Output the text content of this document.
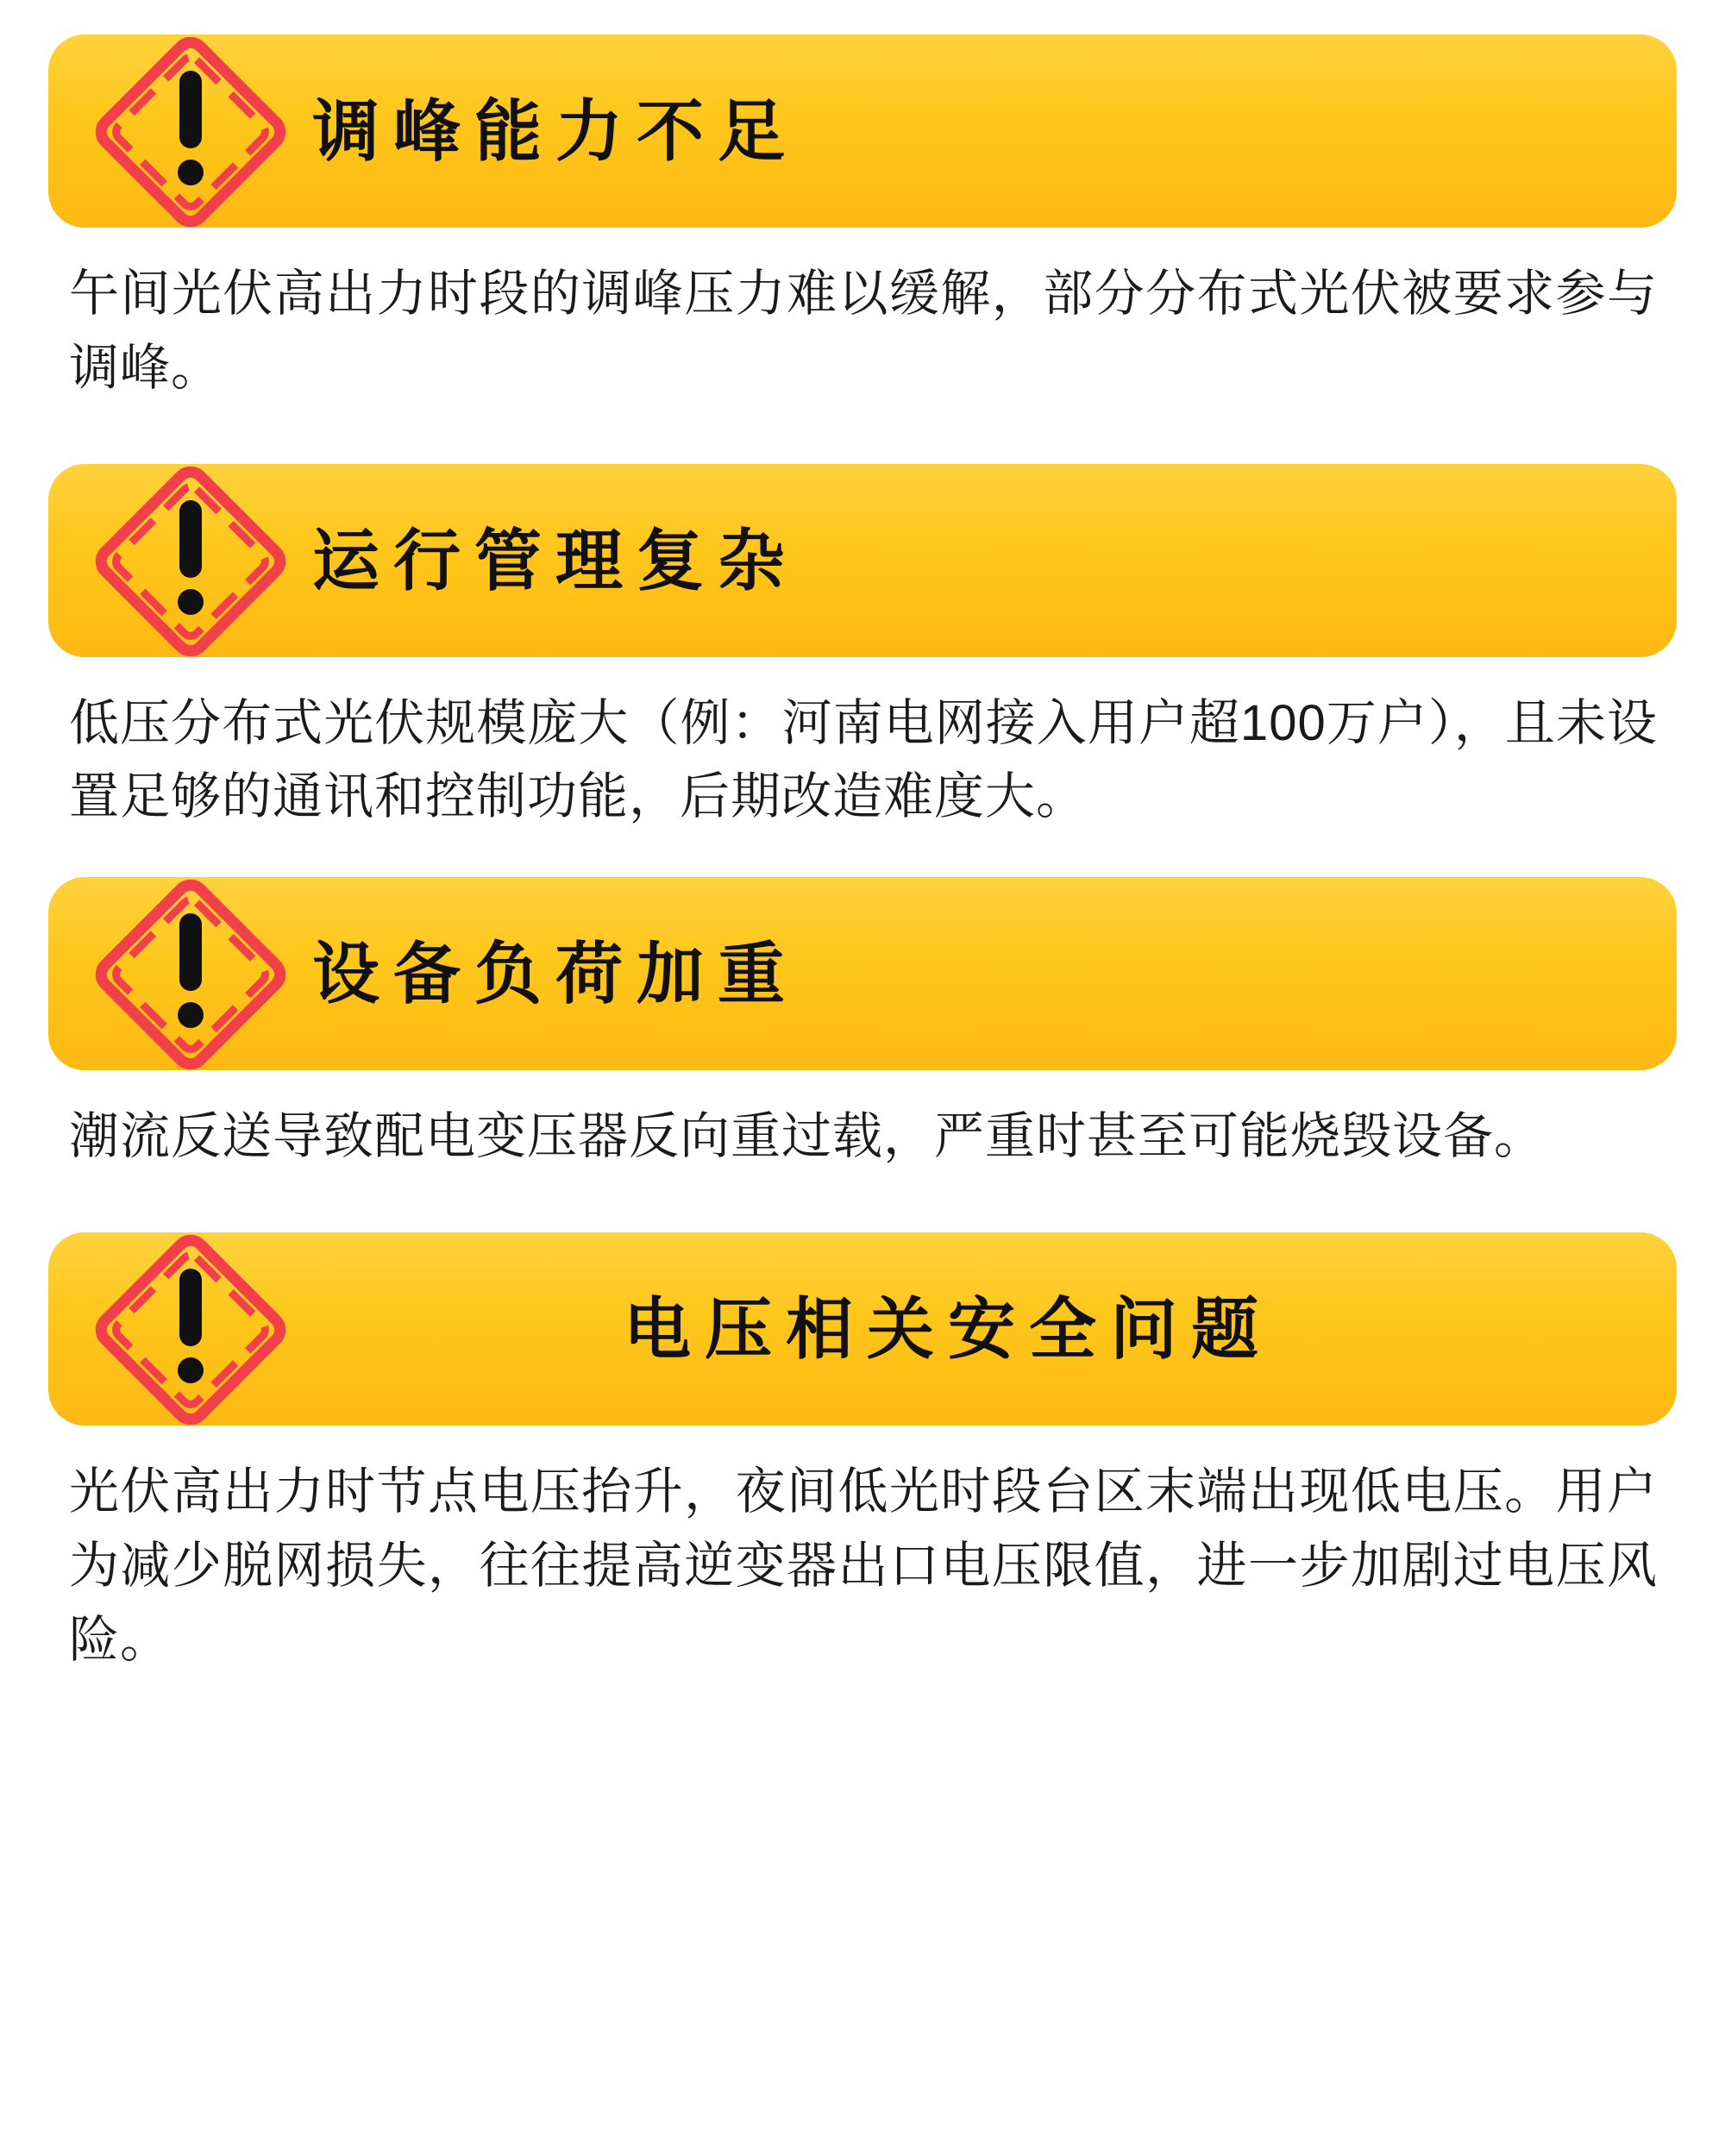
调峰能力不足
午间光伏高出力时段的调峰压力难以缓解，部分分布式光伏被要求参与调峰。
运行管理复杂
低压分布式光伏规模庞大（例：河南电网接入用户超100万户），且未设置足够的通讯和控制功能，后期改造难度大。
设备负荷加重
潮流反送导致配电变压器反向重过载，严重时甚至可能烧毁设备。
电压相关安全问题
光伏高出力时节点电压抬升，夜间低光时段台区末端出现低电压。用户为减少脱网损失，往往提高逆变器出口电压限值，进一步加剧过电压风险。
